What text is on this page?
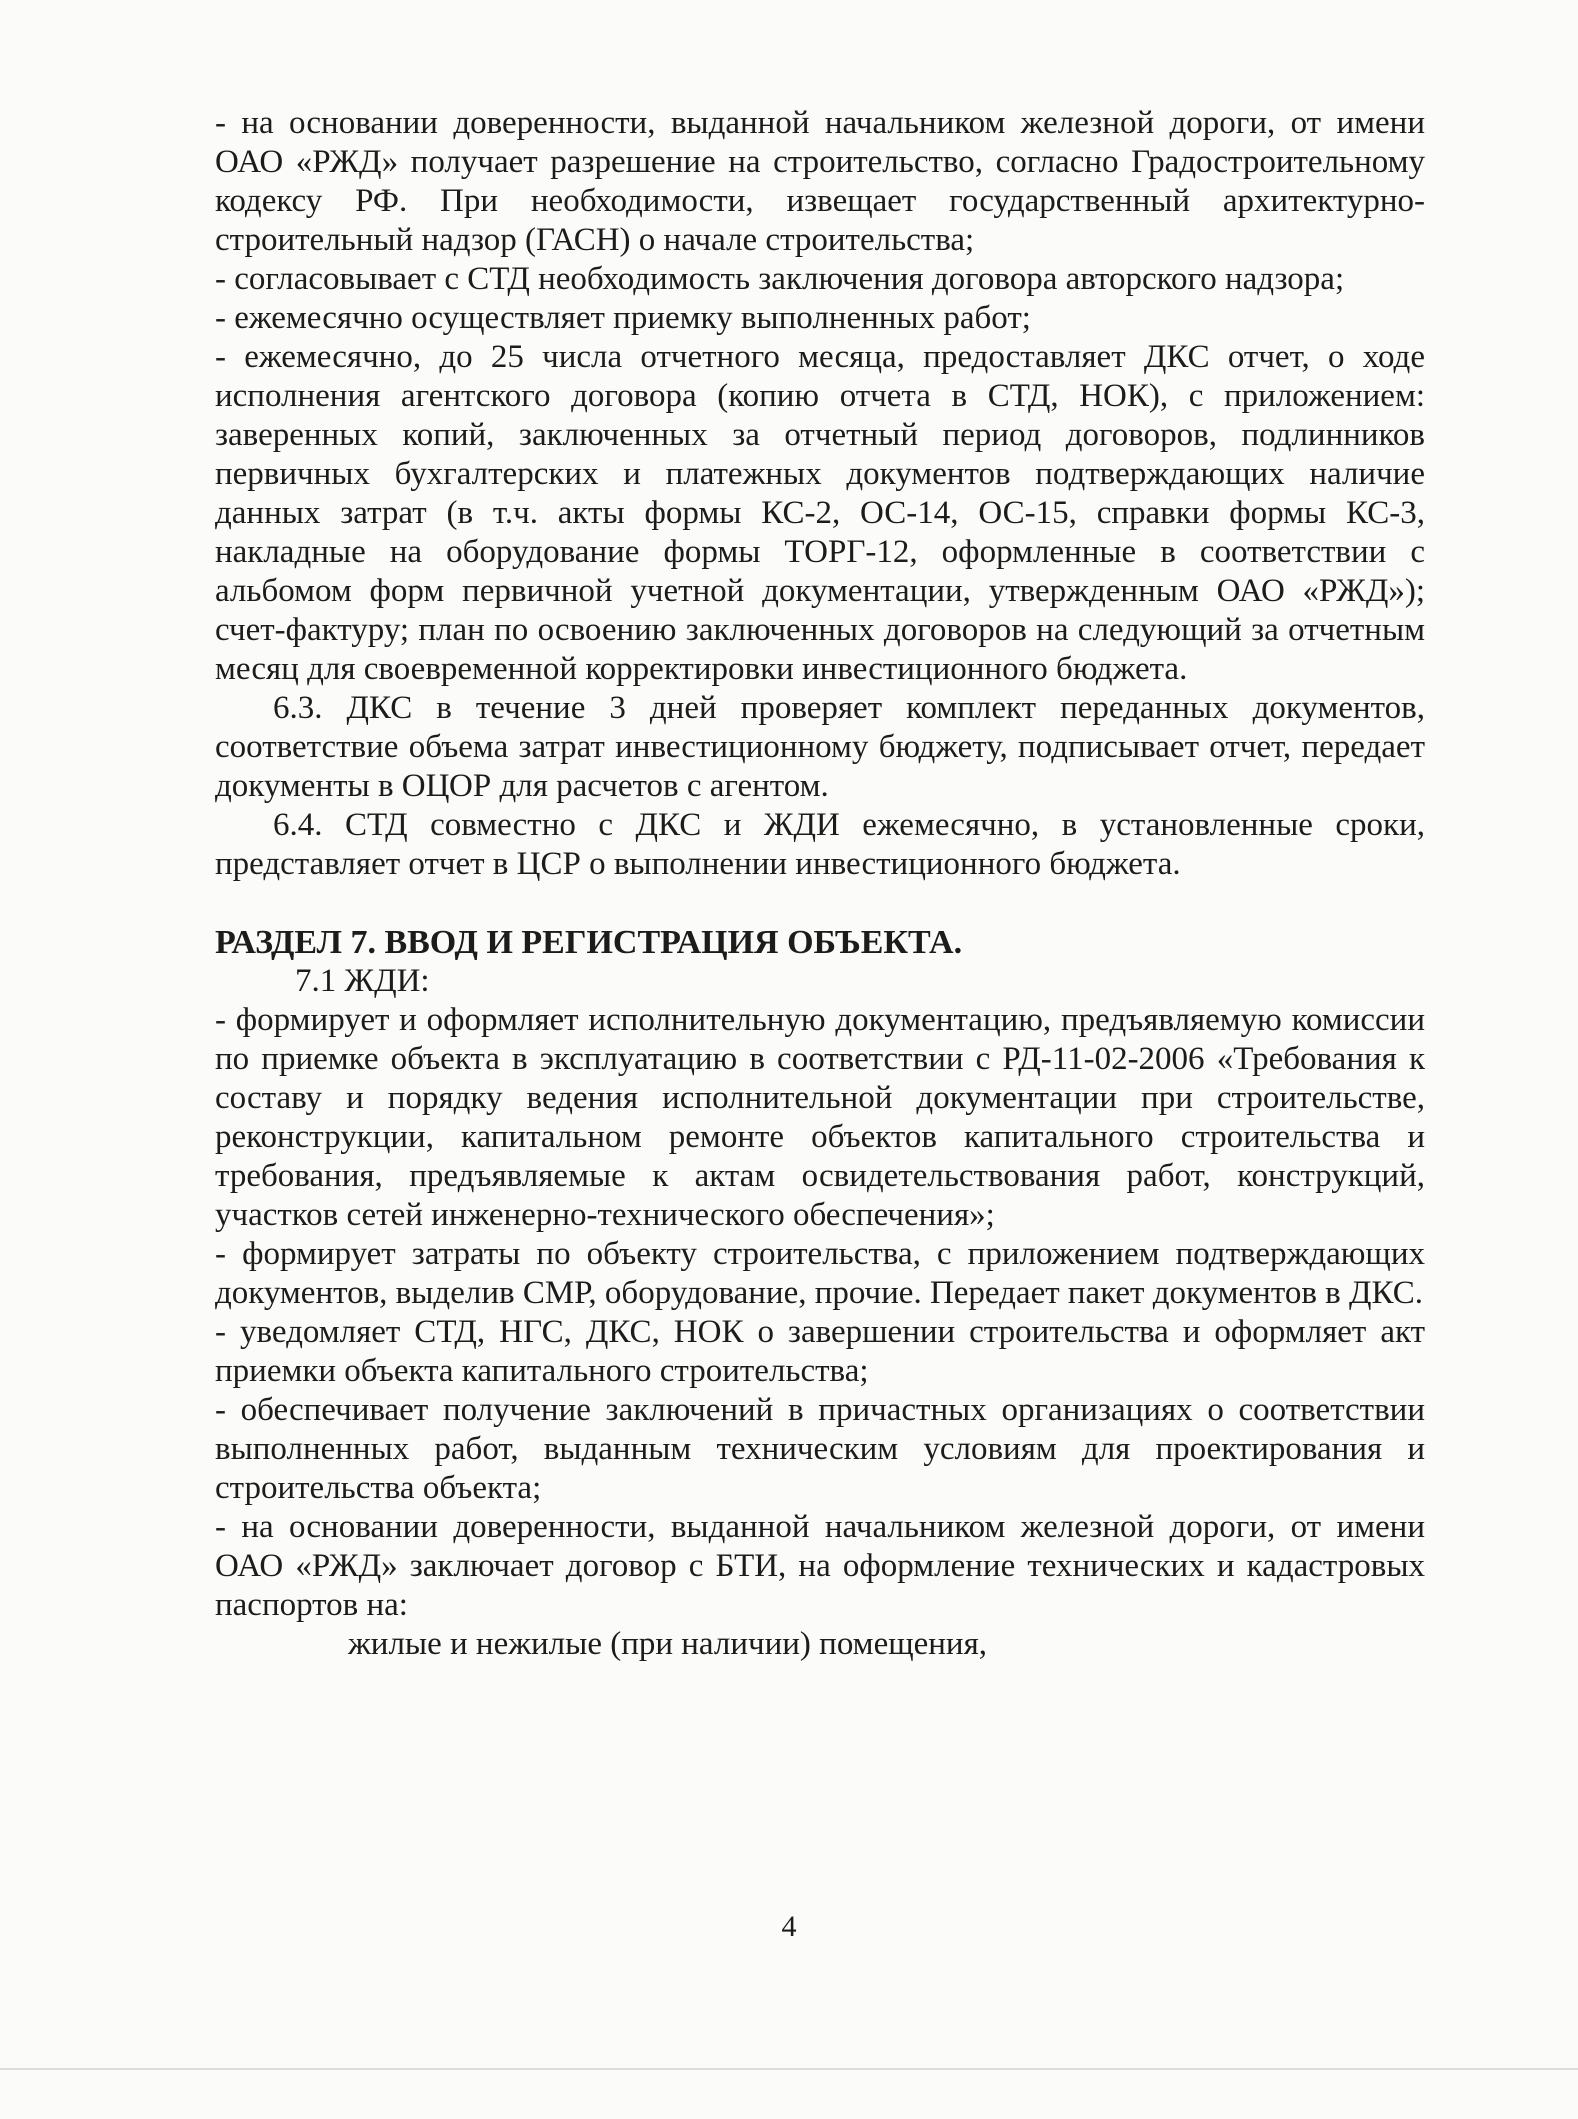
- на основании доверенности, выданной начальником железной дороги, от имени ОАО «РЖД» получает разрешение на строительство, согласно Градостроительному кодексу РФ. При необходимости, извещает государственный архитектурно-строительный надзор (ГАСН) о начале строительства;

- согласовывает с СТД необходимость заключения договора авторского надзора;

- ежемесячно осуществляет приемку выполненных работ;

- ежемесячно, до 25 числа отчетного месяца, предоставляет ДКС отчет, о ходе исполнения агентского договора (копию отчета в СТД, НОК), с приложением: заверенных копий, заключенных за отчетный период договоров, подлинников первичных бухгалтерских и платежных документов подтверждающих наличие данных затрат (в т.ч. акты формы КС-2, ОС-14, ОС-15, справки формы КС-3, накладные на оборудование формы ТОРГ-12, оформленные в соответствии с альбомом форм первичной учетной документации, утвержденным ОАО «РЖД»); счет-фактуру; план по освоению заключенных договоров на следующий за отчетным месяц для своевременной корректировки инвестиционного бюджета.

6.3. ДКС в течение 3 дней проверяет комплект переданных документов, соответствие объема затрат инвестиционному бюджету, подписывает отчет, передает документы в ОЦОР для расчетов с агентом.

6.4. СТД совместно с ДКС и ЖДИ ежемесячно, в установленные сроки, представляет отчет в ЦСР о выполнении инвестиционного бюджета.

РАЗДЕЛ 7. ВВОД И РЕГИСТРАЦИЯ ОБЪЕКТА.

7.1 ЖДИ:

- формирует и оформляет исполнительную документацию, предъявляемую комиссии по приемке объекта в эксплуатацию в соответствии с РД-11-02-2006 «Требования к составу и порядку ведения исполнительной документации при строительстве, реконструкции, капитальном ремонте объектов капитального строительства и требования, предъявляемые к актам освидетельствования работ, конструкций, участков сетей инженерно-технического обеспечения»;

- формирует затраты по объекту строительства, с приложением подтверждающих документов, выделив СМР, оборудование, прочие. Передает пакет документов в ДКС.

- уведомляет СТД, НГС, ДКС, НОК о завершении строительства и оформляет акт приемки объекта капитального строительства;

- обеспечивает получение заключений в причастных организациях о соответствии выполненных работ, выданным техническим условиям для проектирования и строительства объекта;

- на основании доверенности, выданной начальником железной дороги, от имени ОАО «РЖД» заключает договор с БТИ, на оформление технических и кадастровых паспортов на:

жилые и нежилые (при наличии) помещения,

4
